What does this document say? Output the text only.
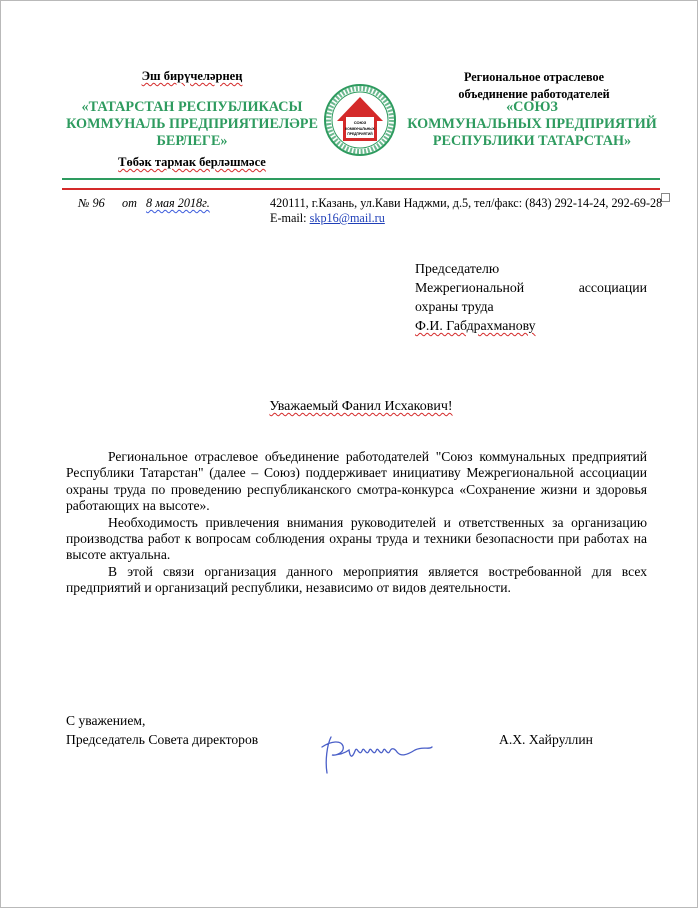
Эш бирүчеләрнең
«ТАТАРСТАН РЕСПУБЛИКАСЫ
КОММУНАЛЬ ПРЕДПРИЯТИЕЛӘРЕ
БЕРЛЕГЕ»
Төбәк тармак берләшмәсе
СОЮЗ
КОММУНАЛЬНЫХ
ПРЕДПРИЯТИЙ
Региональное отраслевое
объединение работодателей
«СОЮЗ
КОММУНАЛЬНЫХ ПРЕДПРИЯТИЙ
РЕСПУБЛИКИ ТАТАРСТАН»
№ 96 от 8 мая 2018г.	420111, г.Казань, ул.Кави Наджми, д.5, тел/факс: (843) 292-14-24, 292-69-28
E-mail: skp16@mail.ru
Председателю
Межрегиональной ассоциации
охраны труда
Ф.И. Габдрахманову
Уважаемый Фанил Исхакович!

Региональное отраслевое объединение работодателей "Союз коммунальных предприятий Республики Татарстан" (далее – Союз) поддерживает инициативу Межрегиональной ассоциации охраны труда по проведению республиканского смотра-конкурса «Сохранение жизни и здоровья работающих на высоте».

Необходимость привлечения внимания руководителей и ответственных за организацию производства работ к вопросам соблюдения охраны труда и техники безопасности при работах на высоте актуальна.

В этой связи организация данного мероприятия является востребованной для всех предприятий и организаций республики, независимо от видов деятельности.

С уважением,
Председатель Совета директоров	А.Х. Хайруллин
